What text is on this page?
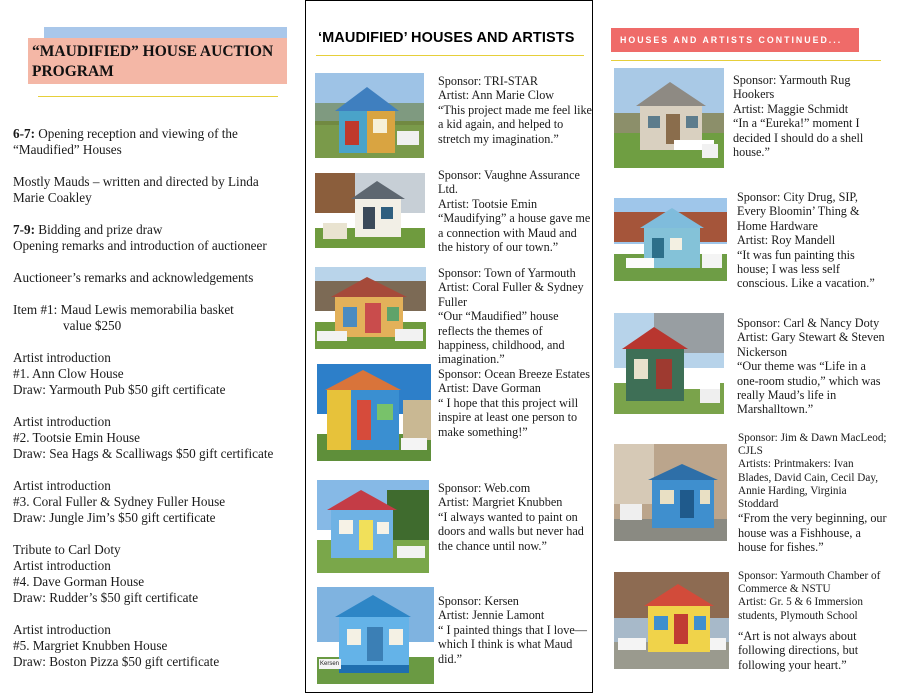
“MAUDIFIED” HOUSE AUCTION
PROGRAM

6-7: Opening reception and viewing of the “Maudified” Houses

Mostly Mauds – written and directed by Linda Marie Coakley

7-9: Bidding and prize draw

Opening remarks and introduction of auctioneer

Auctioneer’s remarks and acknowledgements

Item #1: Maud Lewis memorabilia basket

value $250

Artist introduction

#1. Ann Clow House

Draw: Yarmouth Pub $50 gift certificate

Artist introduction

#2. Tootsie Emin House

Draw: Sea Hags & Scalliwags $50 gift certificate

Artist introduction

#3. Coral Fuller & Sydney Fuller House

Draw: Jungle Jim’s $50 gift certificate

Tribute to Carl Doty

Artist introduction

#4. Dave Gorman House

Draw: Rudder’s $50 gift certificate

Artist introduction

#5. Margriet Knubben House

Draw: Boston Pizza $50 gift certificate

‘MAUDIFIED’ HOUSES AND ARTISTS
Sponsor: TRI-STAR
Artist: Ann Marie Clow
“This project made me feel like a kid again, and helped to stretch my imagination.”
Sponsor: Vaughne Assurance Ltd.
Artist: Tootsie Emin
“Maudifying” a house gave me a connection with Maud and the history of our town.”
Sponsor: Town of Yarmouth
Artist: Coral Fuller & Sydney Fuller
“Our “Maudified” house reflects the themes of happiness, childhood, and imagination.”
Sponsor: Ocean Breeze Estates
Artist: Dave Gorman
“ I hope that this project will inspire at least one person to make something!”
Sponsor: Web.com
Artist: Margriet Knubben
“I always wanted to paint on doors and walls but never had the chance until now.”
Kersen
Sponsor: Kersen
Artist: Jennie Lamont
“ I painted things that I love—which I think is what Maud did.”
HOUSES AND ARTISTS CONTINUED...
Sponsor: Yarmouth Rug Hookers
Artist: Maggie Schmidt
“In a “Eureka!” moment I decided I should do a shell house.”
Sponsor: City Drug, SIP, Every Bloomin’ Thing & Home Hardware
Artist: Roy Mandell
“It was fun painting this house; I was less self conscious. Like a vacation.”
Sponsor: Carl & Nancy Doty
Artist: Gary Stewart & Steven Nickerson
“Our theme was “Life in a one-room studio,” which was really Maud’s life in Marshalltown.”
Sponsor: Jim & Dawn MacLeod; CJLS
Artists: Printmakers: Ivan Blades, David Cain, Cecil Day, Annie Harding, Virginia Stoddard
“From the very beginning, our house was a Fishhouse, a house for fishes.”
Sponsor: Yarmouth Chamber of Commerce & NSTU
Artist: Gr. 5 & 6 Immersion students, Plymouth School
“Art is not always about following directions, but following your heart.”
